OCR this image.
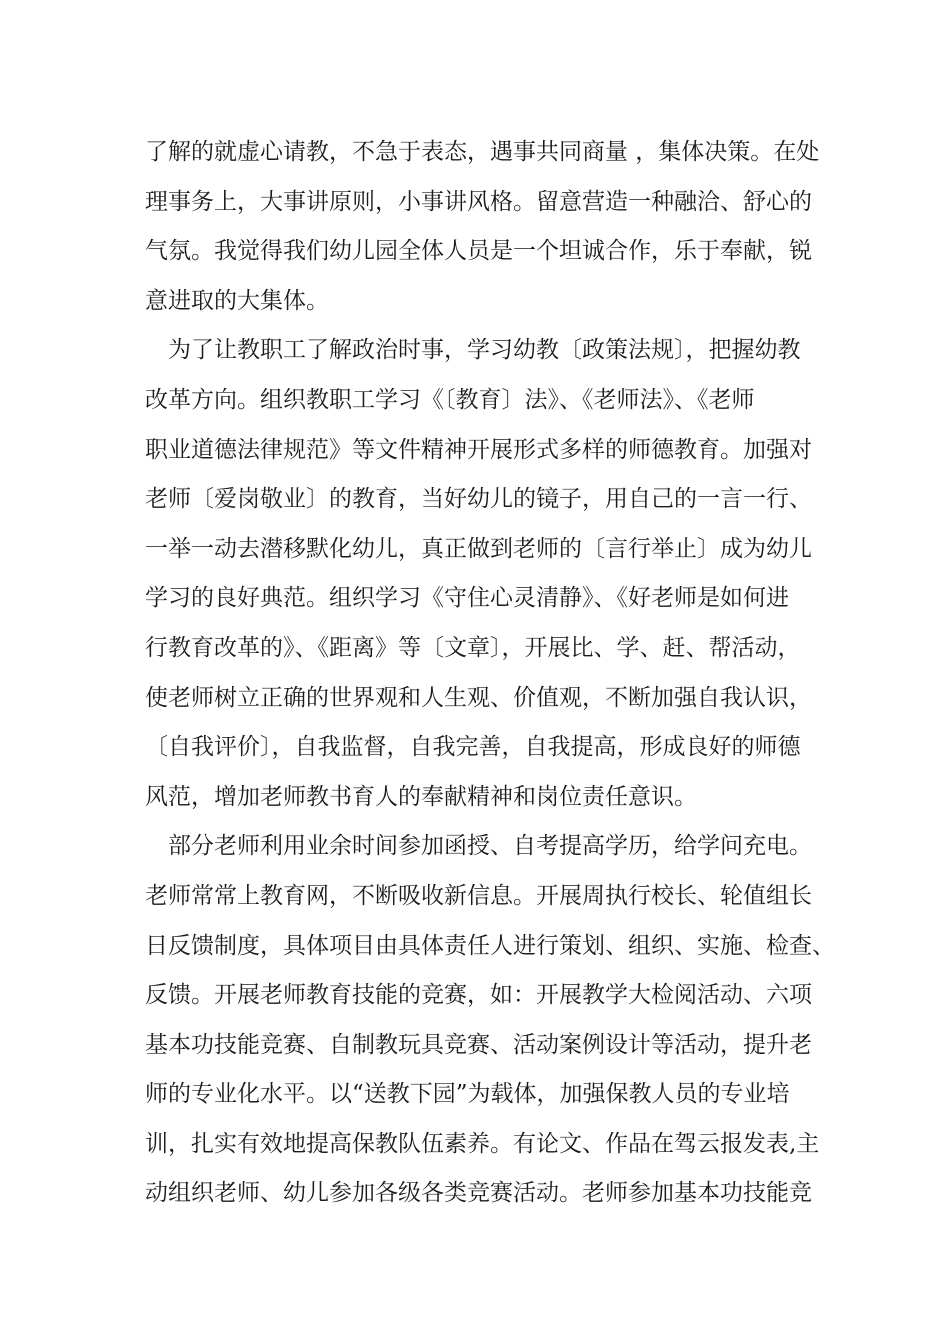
了解的就虚心请教，不急于表态，遇事共同商量 ，集体决策。在处
理事务上，大事讲原则，小事讲风格。留意营造一种融洽、舒心的
气氛。我觉得我们幼儿园全体人员是一个坦诚合作，乐于奉献，锐
意进取的大集体。
为了让教职工了解政治时事，学习幼教〔政策法规〕，把握幼教
改革方向。组织教职工学习《〔教育〕法》、《老师法》、《老师
职业道德法律规范》等文件精神开展形式多样的师德教育。加强对
老师〔爱岗敬业〕的教育，当好幼儿的镜子，用自己的一言一行、
一举一动去潜移默化幼儿，真正做到老师的〔言行举止〕成为幼儿
学习的良好典范。组织学习《守住心灵清静》、《好老师是如何进
行教育改革的》、《距离》等〔文章〕，开展比、学、赶、帮活动，
使老师树立正确的世界观和人生观、价值观，不断加强自我认识，
〔自我评价〕，自我监督，自我完善，自我提高，形成良好的师德
风范，增加老师教书育人的奉献精神和岗位责任意识。
部分老师利用业余时间参加函授、自考提高学历，给学问充电。
老师常常上教育网，不断吸收新信息。开展周执行校长、轮值组长
日反馈制度，具体项目由具体责任人进行策划、组织、实施、检查、
反馈。开展老师教育技能的竞赛，如：开展教学大检阅活动、六项
基本功技能竞赛、自制教玩具竞赛、活动案例设计等活动，提升老
师的专业化水平。以“送教下园”为载体，加强保教人员的专业培
训，扎实有效地提高保教队伍素养。有论文、作品在驾云报发表,主
动组织老师、幼儿参加各级各类竞赛活动。老师参加基本功技能竞
